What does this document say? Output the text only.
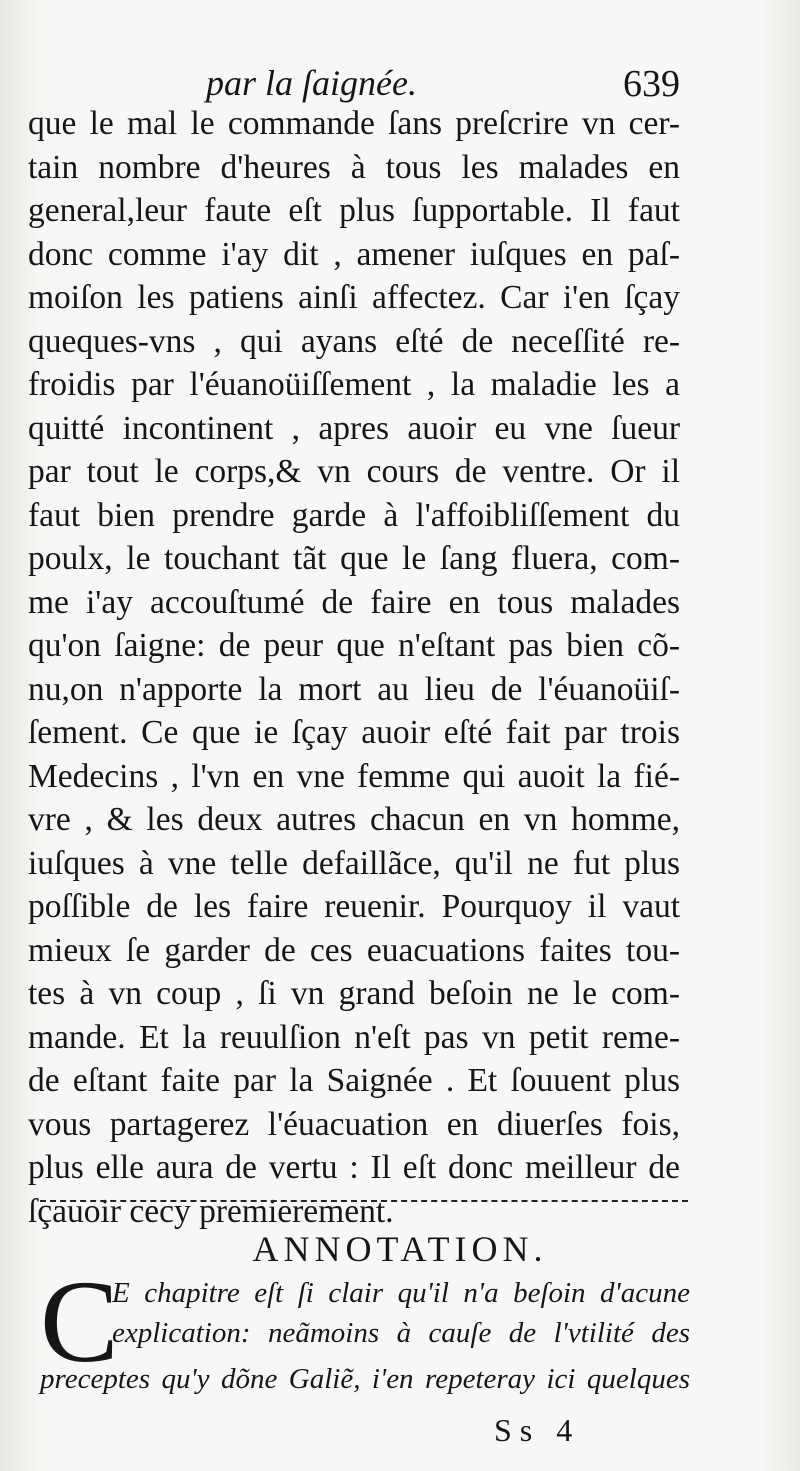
par la ſaignée.	639
que le mal le commande ſans preſcrire vn cer-
tain nombre d'heures à tous les malades en
general,leur faute eſt plus ſupportable. Il faut
donc comme i'ay dit , amener iuſques en paſ-
moiſon les patiens ainſi affectez. Car i'en ſçay
queques-vns , qui ayans eſté de neceſſité re-
froidis par l'éuanoüiſſement , la maladie les a
quitté incontinent , apres auoir eu vne ſueur
par tout le corps,& vn cours de ventre. Or il
faut bien prendre garde à l'affoibliſſement du
poulx, le touchant tãt que le ſang fluera, com-
me i'ay accouſtumé de faire en tous malades
qu'on ſaigne: de peur que n'eſtant pas bien cõ-
nu,on n'apporte la mort au lieu de l'éuanoüiſ-
ſement. Ce que ie ſçay auoir eſté fait par trois
Medecins , l'vn en vne femme qui auoit la fié-
vre , & les deux autres chacun en vn homme,
iuſques à vne telle defaillãce, qu'il ne fut plus
poſſible de les faire reuenir. Pourquoy il vaut
mieux ſe garder de ces euacuations faites tou-
tes à vn coup , ſi vn grand beſoin ne le com-
mande. Et la reuulſion n'eſt pas vn petit reme-
de eſtant faite par la Saignée . Et ſouuent plus
vous partagerez l'éuacuation en diuerſes fois,
plus elle aura de vertu : Il eſt donc meilleur de
ſçauoir cecy premierement.
ANNOTATION.
C
E chapitre eſt ſi clair qu'il n'a beſoin d'acune
explication: neãmoins à cauſe de l'vtilité des
preceptes qu'y dõne Galiẽ, i'en repeteray ici quelques
Ss 4
